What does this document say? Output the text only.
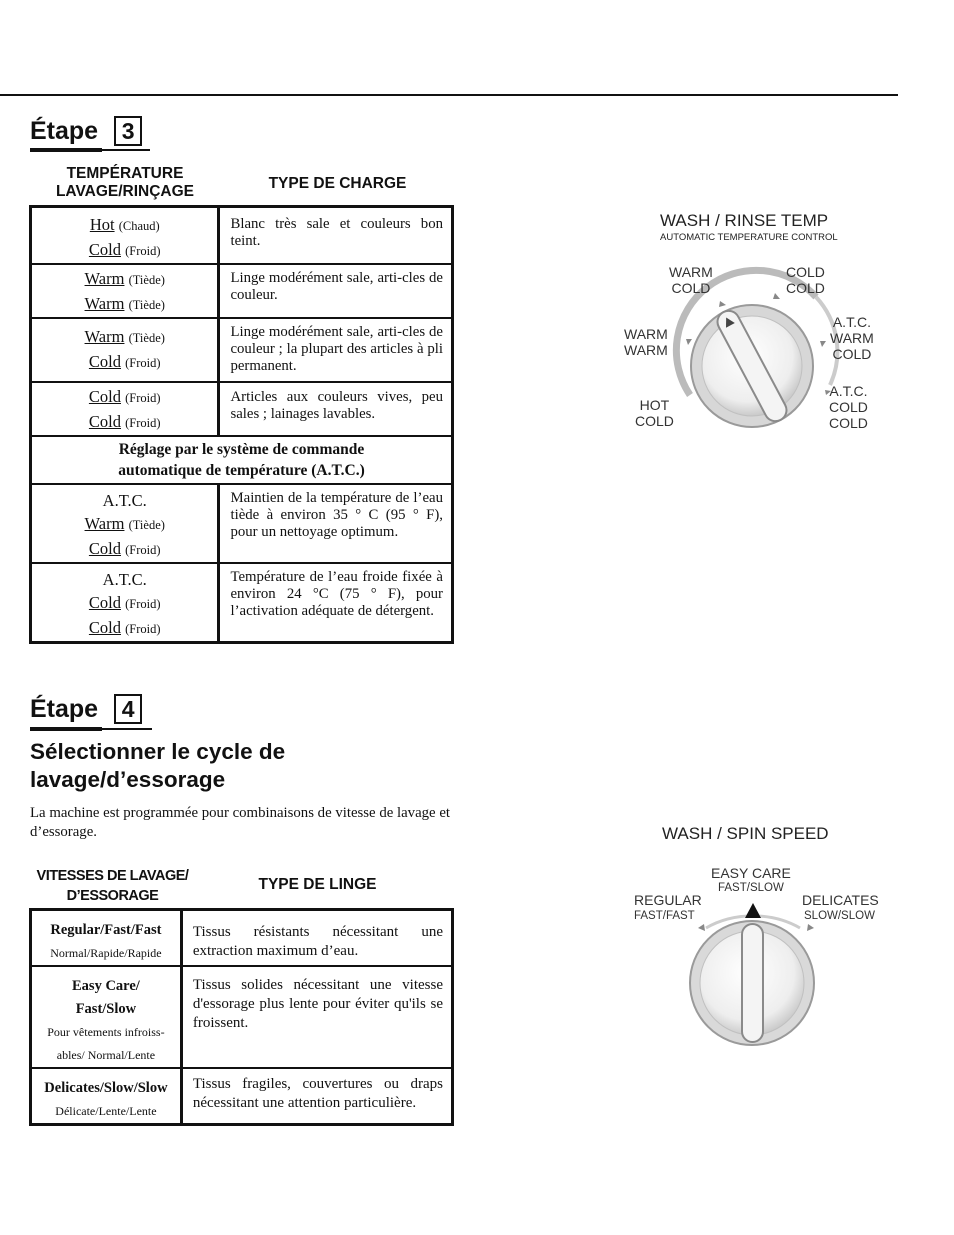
Étape	3
TEMPÉRATURE LAVAGE/RINÇAGE	TYPE DE CHARGE
Hot (Chaud)
Cold (Froid)	Blanc très sale et couleurs bon teint.

Warm (Tiède)
Warm (Tiède)	Linge modérément sale, arti-cles de couleur.

Warm (Tiède)
Cold (Froid)	Linge modérément sale, arti-cles de couleur ; la plupart des articles à pli permanent.

Cold (Froid)
Cold (Froid)	Articles aux couleurs vives, peu sales ; lainages lavables.

Réglage par le système de commande automatique de température (A.T.C.)	

A.T.C.
Warm (Tiède)
Cold (Froid)	Maintien de la température de l’eau tiède à environ 35 ° C (95 ° F), pour un nettoyage optimum.

A.T.C.
Cold (Froid)
Cold (Froid)	Température de l’eau froide fixée à environ 24 °C (75 ° F), pour l’activation adéquate de détergent.
WASH / RINSE TEMP
AUTOMATIC TEMPERATURE CONTROL
WARM
COLD
COLD
COLD
WARM
WARM
A.T.C.
WARM
COLD
HOT
COLD
A.T.C.
COLD
COLD
Étape	4
Sélectionner le cycle de lavage/d’essorage
La machine est programmée pour combinaisons de vitesse de lavage et d’essorage.
VITESSES DE LAVAGE/ D’ESSORAGE
TYPE DE LINGE
Regular/Fast/Fast
Normal/Rapide/Rapide	Tissus résistants nécessitant une extraction maximum d’eau.

Easy Care/ Fast/Slow
Pour vêtements infroiss-ables/ Normal/Lente	Tissus solides nécessitant une vitesse d'essorage plus lente pour éviter qu'ils se froissent.

Delicates/Slow/Slow
Délicate/Lente/Lente	Tissus fragiles, couvertures ou draps nécessitant une attention particulière.
WASH / SPIN SPEED
EASY CARE
FAST/SLOW
REGULAR
FAST/FAST
DELICATES
SLOW/SLOW
